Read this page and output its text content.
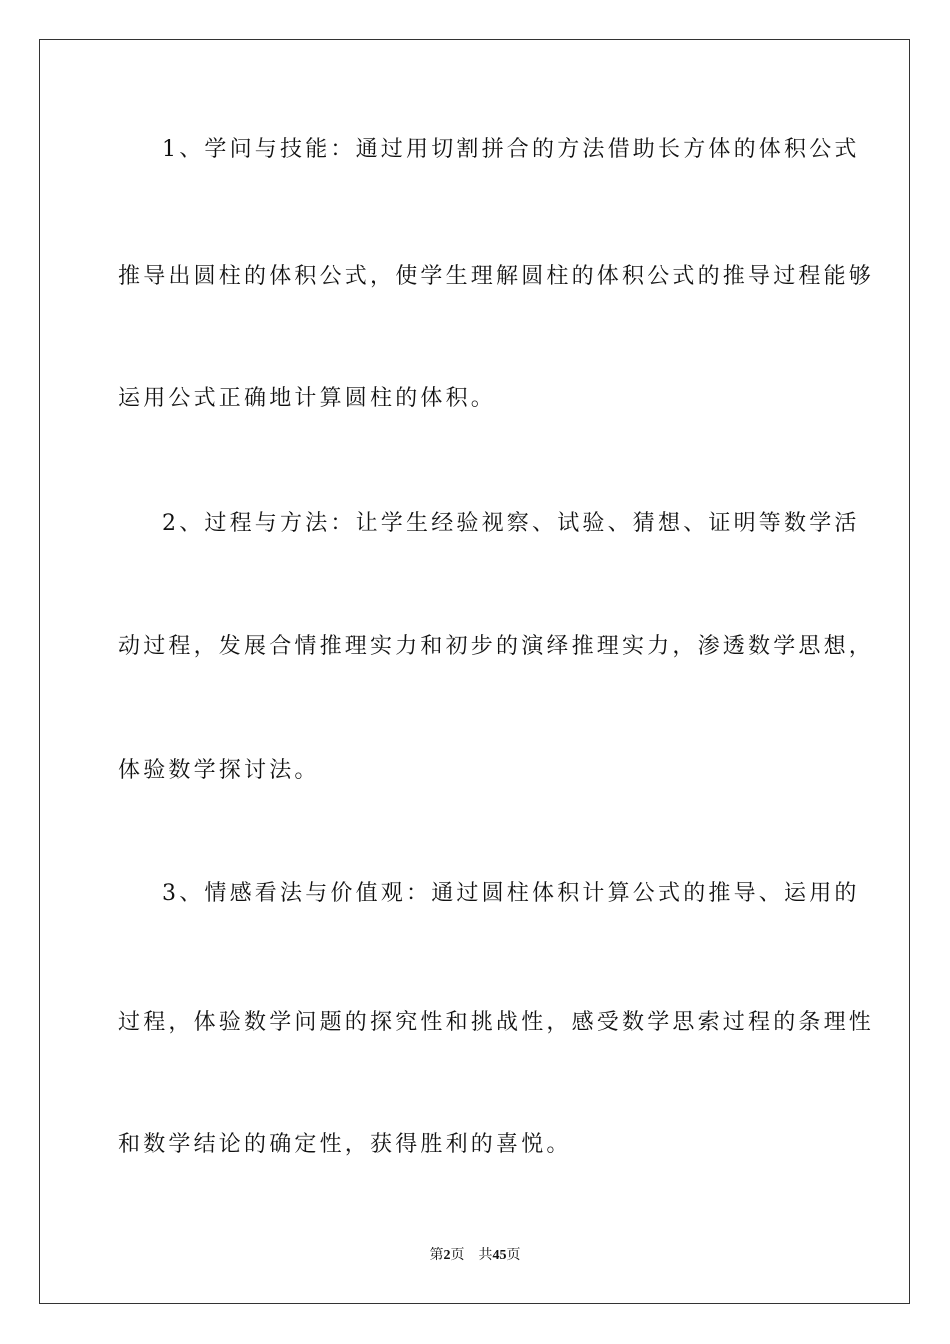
1、学问与技能：通过用切割拼合的方法借助长方体的体积公式
推导出圆柱的体积公式，使学生理解圆柱的体积公式的推导过程能够
运用公式正确地计算圆柱的体积。
2、过程与方法：让学生经验视察、试验、猜想、证明等数学活
动过程，发展合情推理实力和初步的演绎推理实力，渗透数学思想，
体验数学探讨法。
3、情感看法与价值观：通过圆柱体积计算公式的推导、运用的
过程，体验数学问题的探究性和挑战性，感受数学思索过程的条理性
和数学结论的确定性，获得胜利的喜悦。
第2页 共45页
